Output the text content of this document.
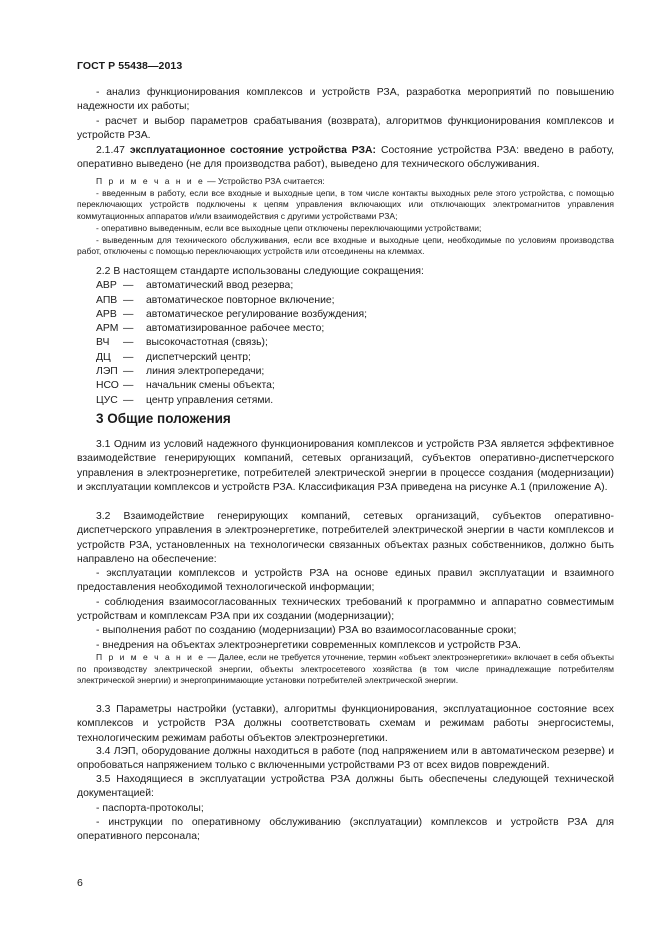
ГОСТ Р 55438—2013

- анализ функционирования комплексов и устройств РЗА, разработка мероприятий по повышению надежности их работы;

- расчет и выбор параметров срабатывания (возврата), алгоритмов функционирования комплексов и устройств РЗА.

2.1.47 эксплуатационное состояние устройства РЗА: Состояние устройства РЗА: введено в работу, оперативно выведено (не для производства работ), выведено для технического обслуживания.

П р и м е ч а н и е — Устройство РЗА считается:

- введенным в работу, если все входные и выходные цепи, в том числе контакты выходных реле этого устройства, с помощью переключающих устройств подключены к цепям управления включающих или отключающих электромагнитов управления коммутационных аппаратов и/или взаимодействия с другими устройствами РЗА;

- оперативно выведенным, если все выходные цепи отключены переключающими устройствами;

- выведенным для технического обслуживания, если все входные и выходные цепи, необходимые по условиям производства работ, отключены с помощью переключающих устройств или отсоединены на клеммах.

2.2 В настоящем стандарте использованы следующие сокращения:

АВР —	автоматический ввод резерва;
АПВ —	автоматическое повторное включение;
АРВ —	автоматическое регулирование возбуждения;
АРМ —	автоматизированное рабочее место;
ВЧ	—	высокочастотная (связь);
ДЦ	—	диспетчерский центр;
ЛЭП —	линия электропередачи;
НСО —	начальник смены объекта;
ЦУС —	центр управления сетями.

3 Общие положения

3.1 Одним из условий надежного функционирования комплексов и устройств РЗА является эффективное взаимодействие генерирующих компаний, сетевых организаций, субъектов оперативно-диспетчерского управления в электроэнергетике, потребителей электрической энергии в процессе создания (модернизации) и эксплуатации комплексов и устройств РЗА. Классификация РЗА приведена на рисунке А.1 (приложение А).

3.2 Взаимодействие генерирующих компаний, сетевых организаций, субъектов оперативно-диспетчерского управления в электроэнергетике, потребителей электрической энергии в части комплексов и устройств РЗА, установленных на технологически связанных объектах разных собственников, должно быть направлено на обеспечение:

- эксплуатации комплексов и устройств РЗА на основе единых правил эксплуатации и взаимного предоставления необходимой технологической информации;

- соблюдения взаимосогласованных технических требований к программно и аппаратно совместимым устройствам и комплексам РЗА при их создании (модернизации);

- выполнения работ по созданию (модернизации) РЗА во взаимосогласованные сроки;

- внедрения на объектах электроэнергетики современных комплексов и устройств РЗА.

П р и м е ч а н и е — Далее, если не требуется уточнение, термин «объект электроэнергетики» включает в себя объекты по производству электрической энергии, объекты электросетевого хозяйства (в том числе принадлежащие потребителям электрической энергии) и энергопринимающие установки потребителей электрической энергии.

3.3 Параметры настройки (уставки), алгоритмы функционирования, эксплуатационное состояние всех комплексов и устройств РЗА должны соответствовать схемам и режимам работы энергосистемы, технологическим режимам работы объектов электроэнергетики.

3.4 ЛЭП, оборудование должны находиться в работе (под напряжением или в автоматическом резерве) и опробоваться напряжением только с включенными устройствами РЗ от всех видов повреждений.

3.5 Находящиеся в эксплуатации устройства РЗА должны быть обеспечены следующей технической документацией:

- паспорта-протоколы;

- инструкции по оперативному обслуживанию (эксплуатации) комплексов и устройств РЗА для оперативного персонала;

6
